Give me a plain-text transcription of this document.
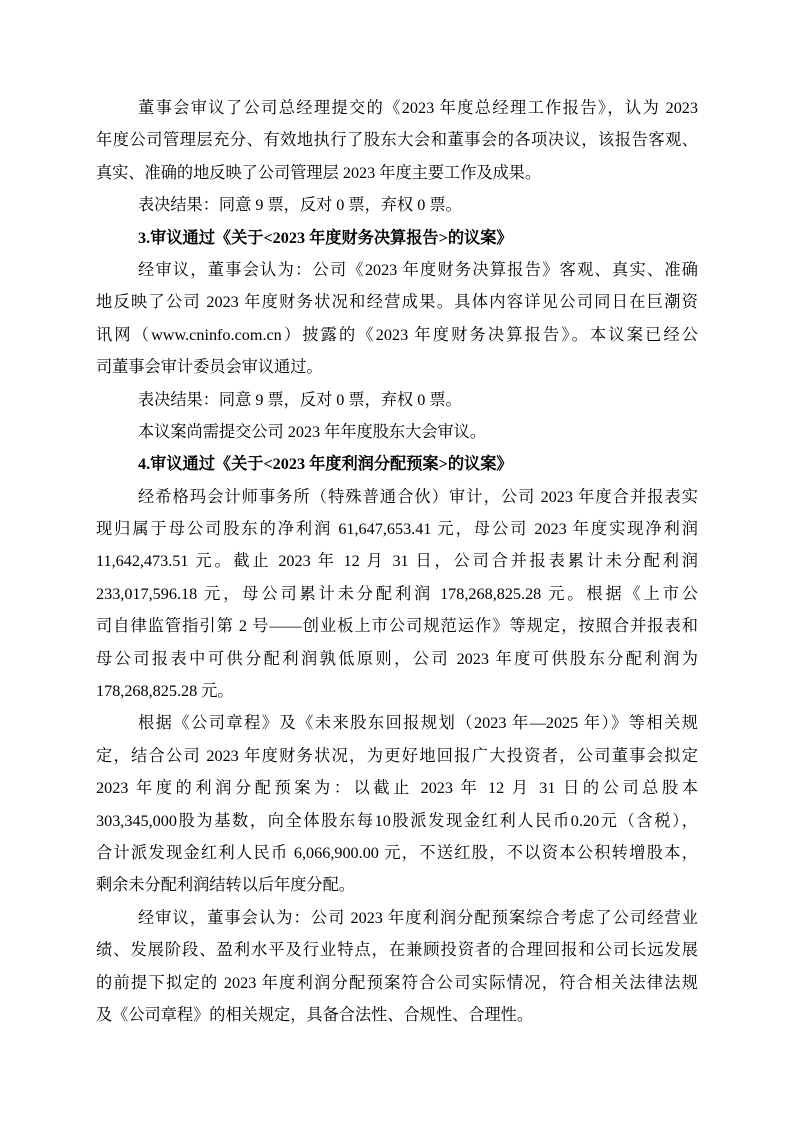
董事会审议了公司总经理提交的《2023 年度总经理工作报告》，认为 2023
年度公司管理层充分、有效地执行了股东大会和董事会的各项决议，该报告客观、
真实、准确的地反映了公司管理层 2023 年度主要工作及成果。
表决结果：同意 9 票，反对 0 票，弃权 0 票。
3.审议通过《关于<2023 年度财务决算报告>的议案》
经审议，董事会认为：公司《2023 年度财务决算报告》客观、真实、准确
地反映了公司 2023 年度财务状况和经营成果。具体内容详见公司同日在巨潮资
讯网（www.cninfo.com.cn）披露的《2023 年度财务决算报告》。本议案已经公
司董事会审计委员会审议通过。
表决结果：同意 9 票，反对 0 票，弃权 0 票。
本议案尚需提交公司 2023 年年度股东大会审议。
4.审议通过《关于<2023 年度利润分配预案>的议案》
经希格玛会计师事务所（特殊普通合伙）审计，公司 2023 年度合并报表实
现归属于母公司股东的净利润 61,647,653.41 元，母公司 2023 年度实现净利润
11,642,473.51 元。截止 2023 年 12 月 31 日，公司合并报表累计未分配利润
233,017,596.18 元，母公司累计未分配利润 178,268,825.28 元。根据《上市公
司自律监管指引第 2 号——创业板上市公司规范运作》等规定，按照合并报表和
母公司报表中可供分配利润孰低原则，公司 2023 年度可供股东分配利润为
178,268,825.28 元。
根据《公司章程》及《未来股东回报规划（2023 年—2025 年）》等相关规
定，结合公司 2023 年度财务状况，为更好地回报广大投资者，公司董事会拟定
2023 年度的利润分配预案为：以截止 2023 年 12 月 31 日的公司总股本
303,345,000股为基数，向全体股东每10股派发现金红利人民币0.20元（含税），
合计派发现金红利人民币 6,066,900.00 元，不送红股，不以资本公积转增股本，
剩余未分配利润结转以后年度分配。
经审议，董事会认为：公司 2023 年度利润分配预案综合考虑了公司经营业
绩、发展阶段、盈利水平及行业特点，在兼顾投资者的合理回报和公司长远发展
的前提下拟定的 2023 年度利润分配预案符合公司实际情况，符合相关法律法规
及《公司章程》的相关规定，具备合法性、合规性、合理性。
